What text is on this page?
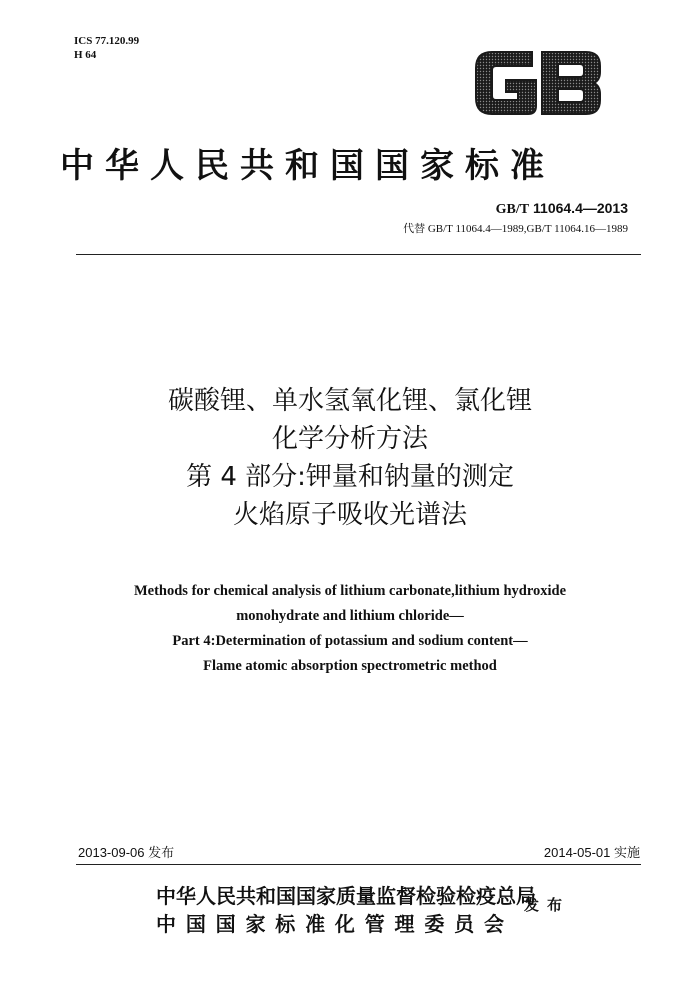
ICS 77.120.99
H 64
中华人民共和国国家标准
GB/T 11064.4—2013
代替 GB/T 11064.4—1989,GB/T 11064.16—1989
碳酸锂、单水氢氧化锂、氯化锂
化学分析方法
第 4 部分:钾量和钠量的测定
火焰原子吸收光谱法
Methods for chemical analysis of lithium carbonate,lithium hydroxide
monohydrate and lithium chloride—
Part 4:Determination of potassium and sodium content—
Flame atomic absorption spectrometric method
2013-09-06 发布	2014-05-01 实施
中华人民共和国国家质量监督检验检疫总局
中 国 国 家 标 准 化 管 理 委 员 会
发布
